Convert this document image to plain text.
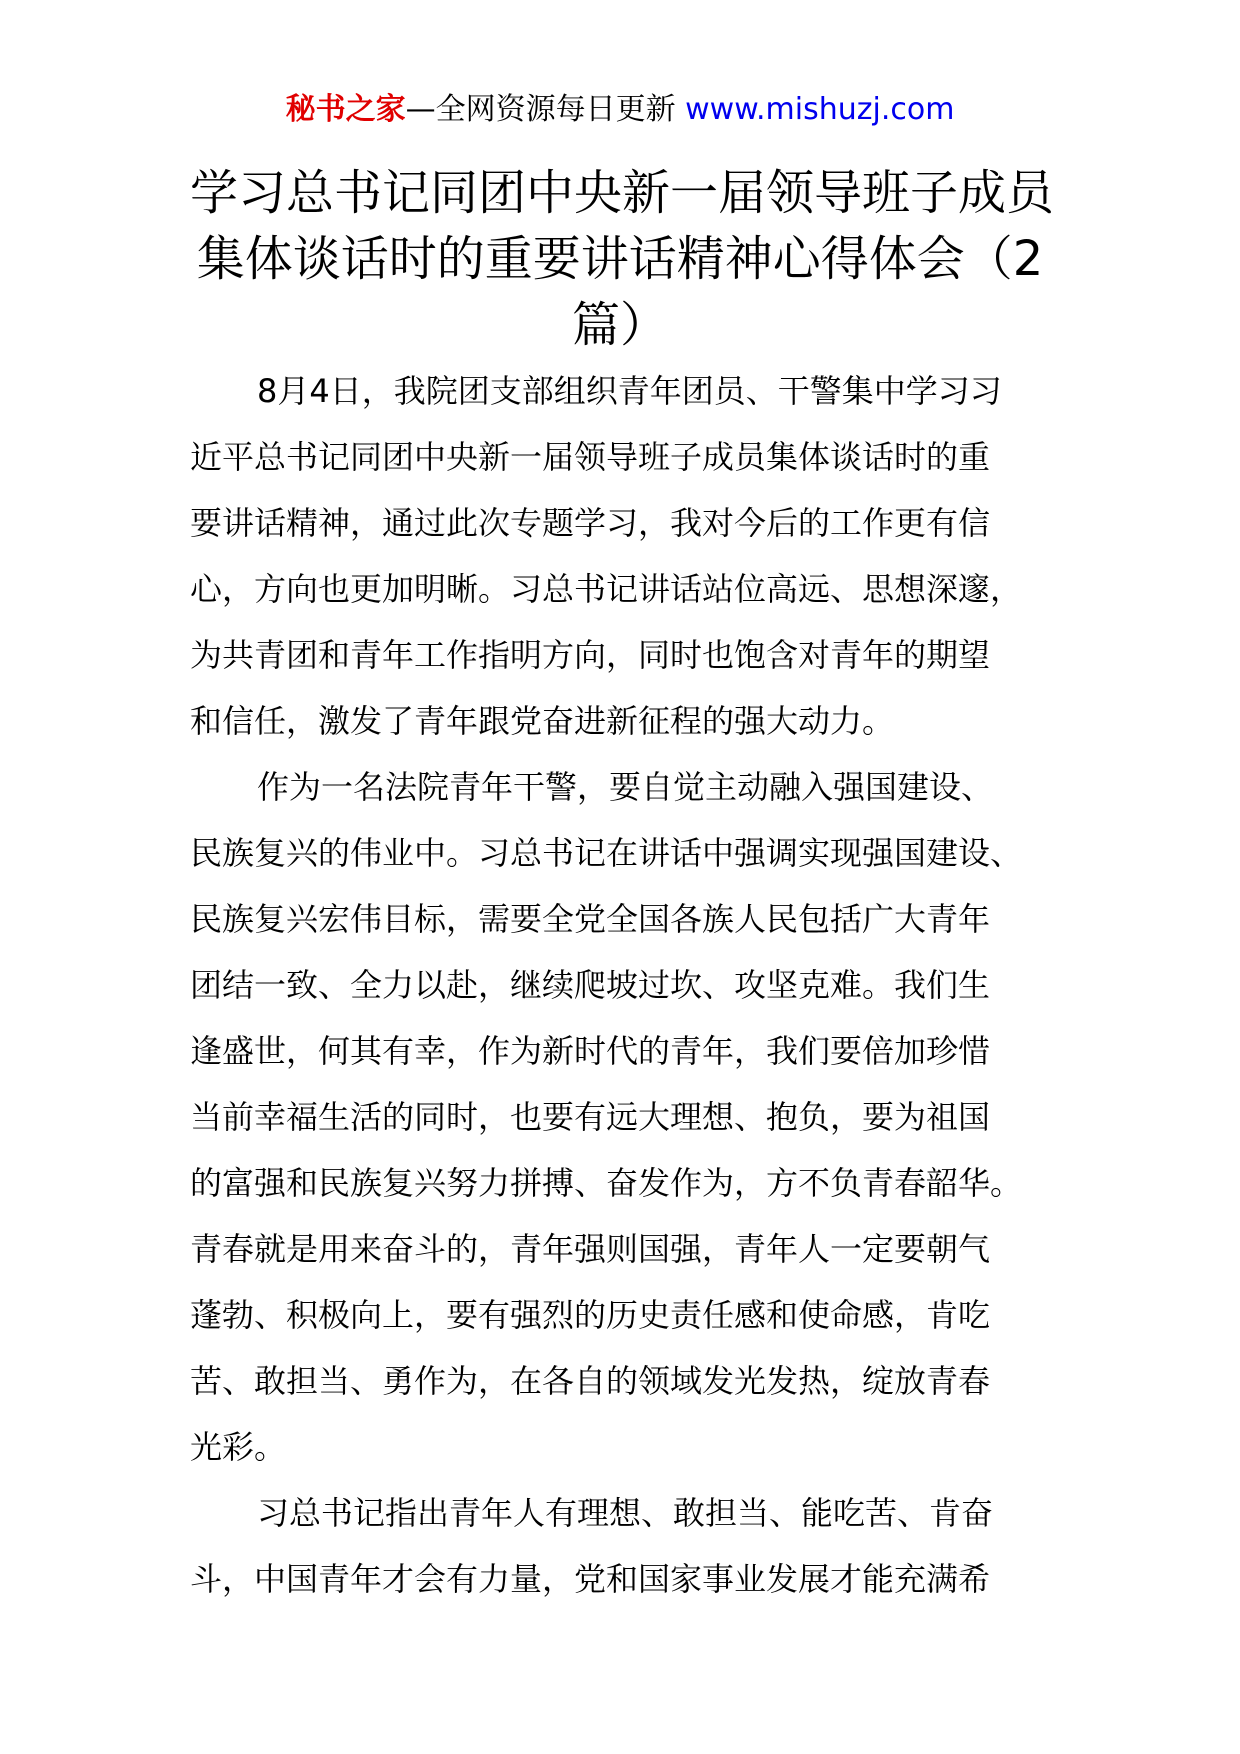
秘书之家—全网资源每日更新 www.mishuzj.com
学习总书记同团中央新一届领导班子成员
集体谈话时的重要讲话精神心得体会（2
篇）

8月4日，我院团支部组织青年团员、干警集中学习习
近平总书记同团中央新一届领导班子成员集体谈话时的重
要讲话精神，通过此次专题学习，我对今后的工作更有信
心，方向也更加明晰。习总书记讲话站位高远、思想深邃，
为共青团和青年工作指明方向，同时也饱含对青年的期望
和信任，激发了青年跟党奋进新征程的强大动力。

作为一名法院青年干警，要自觉主动融入强国建设、
民族复兴的伟业中。习总书记在讲话中强调实现强国建设、
民族复兴宏伟目标，需要全党全国各族人民包括广大青年
团结一致、全力以赴，继续爬坡过坎、攻坚克难。我们生
逢盛世，何其有幸，作为新时代的青年，我们要倍加珍惜
当前幸福生活的同时，也要有远大理想、抱负，要为祖国
的富强和民族复兴努力拼搏、奋发作为，方不负青春韶华。
青春就是用来奋斗的，青年强则国强，青年人一定要朝气
蓬勃、积极向上，要有强烈的历史责任感和使命感，肯吃
苦、敢担当、勇作为，在各自的领域发光发热，绽放青春
光彩。

习总书记指出青年人有理想、敢担当、能吃苦、肯奋
斗，中国青年才会有力量，党和国家事业发展才能充满希
